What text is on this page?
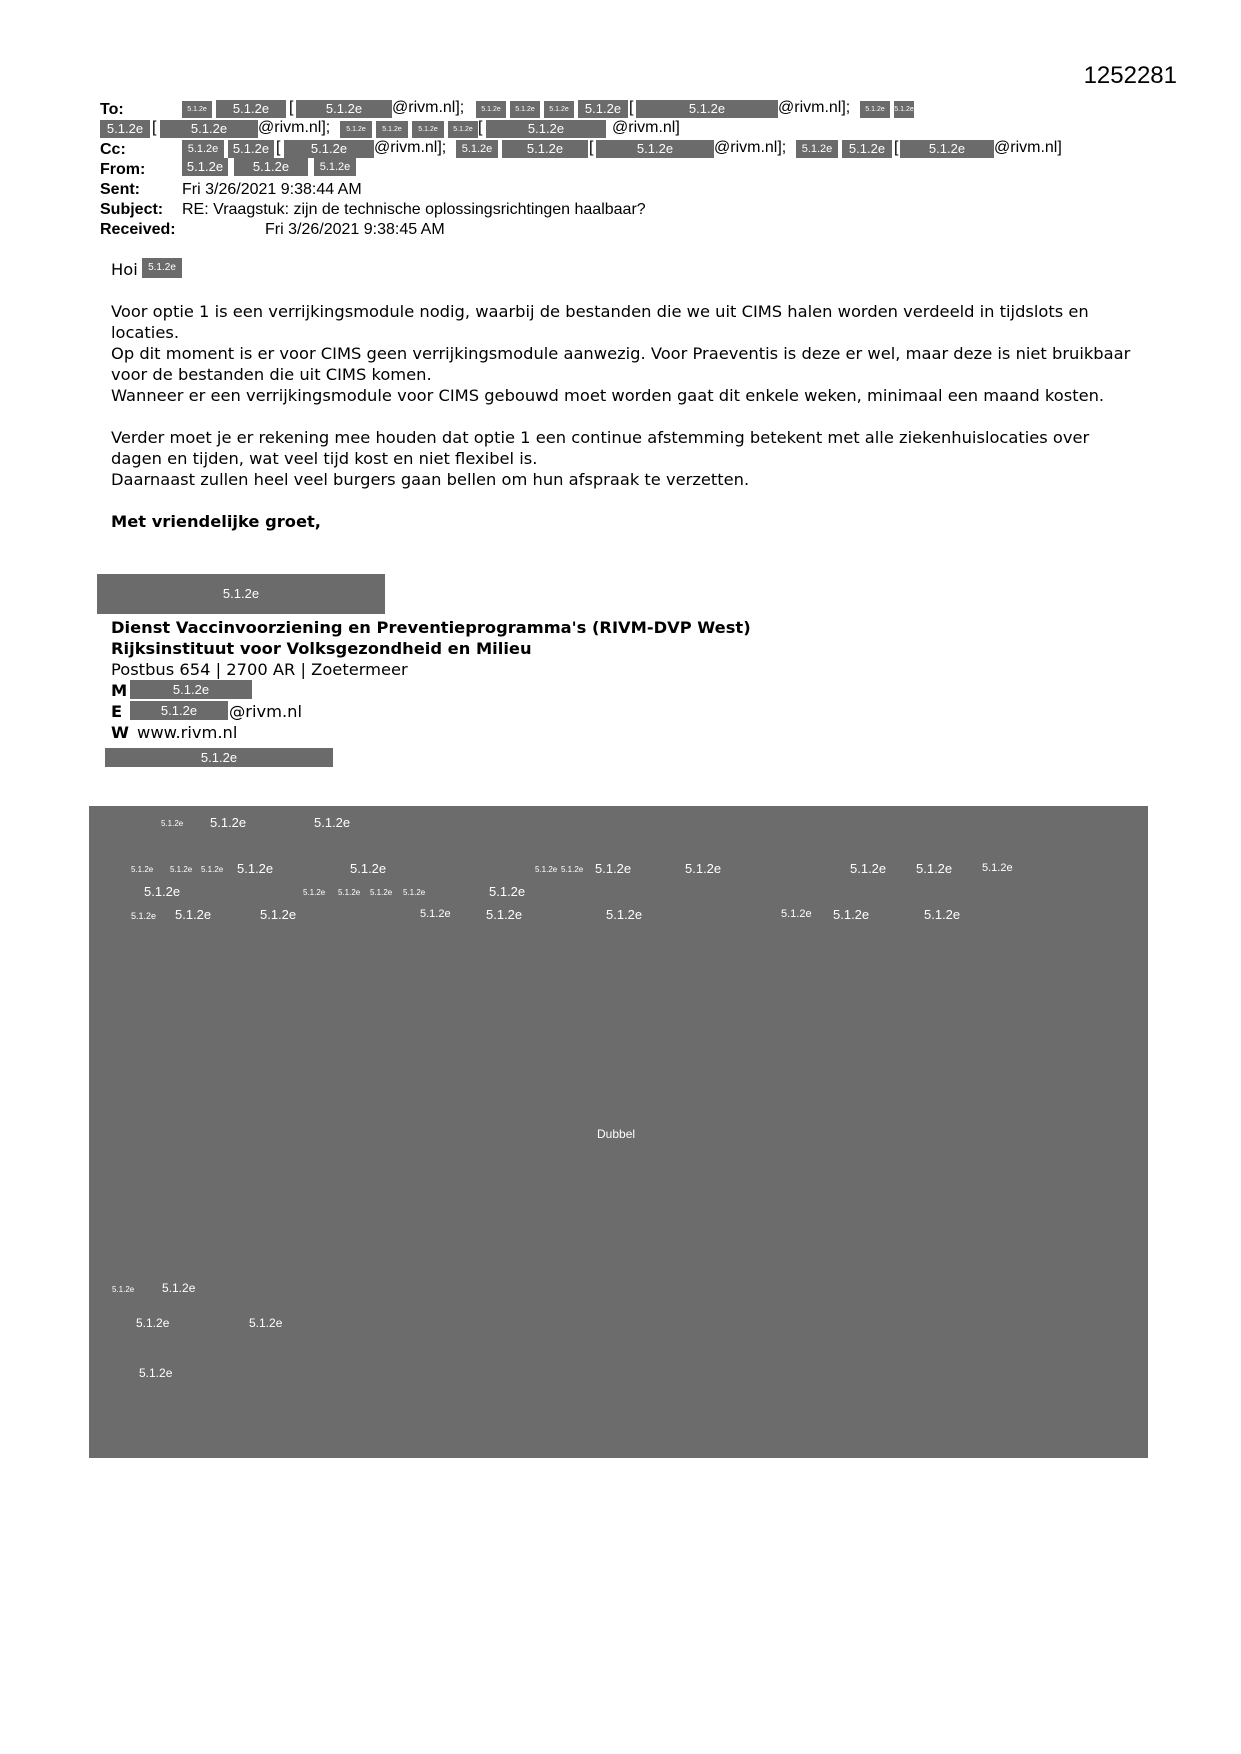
1252281
To:	5.1.2e	5.1.2e	[	5.1.2e	@rivm.nl];	5.1.2e	5.1.2e	5.1.2e	5.1.2e [	5.1.2e	@rivm.nl];	5.1.2e	5.1.2e
5.1.2e [	5.1.2e	@rivm.nl];	5.1.2e	5.1.2e	5.1.2e	5.1.2e [	5.1.2e	@rivm.nl]
Cc:	5.1.2e	5.1.2e [	5.1.2e	@rivm.nl];	5.1.2e	5.1.2e	[	5.1.2e	@rivm.nl];	5.1.2e	5.1.2e [	5.1.2e	@rivm.nl]
From:	5.1.2e	5.1.2e	5.1.2e
Sent:	Fri 3/26/2021 9:38:44 AM
Subject: RE: Vraagstuk: zijn de technische oplossingsrichtingen haalbaar?
Received:	Fri 3/26/2021 9:38:45 AM
Hoi	5.1.2e
Voor optie 1 is een verrijkingsmodule nodig, waarbij de bestanden die we uit CIMS halen worden verdeeld in tijdslots en locaties.
Op dit moment is er voor CIMS geen verrijkingsmodule aanwezig. Voor Praeventis is deze er wel, maar deze is niet bruikbaar voor de bestanden die uit CIMS komen.
Wanneer er een verrijkingsmodule voor CIMS gebouwd moet worden gaat dit enkele weken, minimaal een maand kosten.
Verder moet je er rekening mee houden dat optie 1 een continue afstemming betekent met alle ziekenhuislocaties over dagen en tijden, wat veel tijd kost en niet flexibel is.
Daarnaast zullen heel veel burgers gaan bellen om hun afspraak te verzetten.
Met vriendelijke groet,
5.1.2e
Dienst Vaccinvoorziening en Preventieprogramma's (RIVM-DVP West)
Rijksinstituut voor Volksgezondheid en Milieu
Postbus 654 | 2700 AR | Zoetermeer
M	5.1.2e
E	5.1.2e	@rivm.nl
W www.rivm.nl
5.1.2e
5.1.2e 5.1.2e	5.1.2e
5.1.2e 5.1.2e 5.1.2e 5.1.2e	5.1.2e	5.1.2e 5.1.2e 5.1.2e	5.1.2e	5.1.2e 5.1.2e	5.1.2e
5.1.2e	5.1.2e 5.1.2e 5.1.2e 5.1.2e	5.1.2e
5.1.2e 5.1.2e	5.1.2e	5.1.2e	5.1.2e	5.1.2e	5.1.2e 5.1.2e	5.1.2e
Dubbel
5.1.2e 5.1.2e
5.1.2e	5.1.2e
5.1.2e
